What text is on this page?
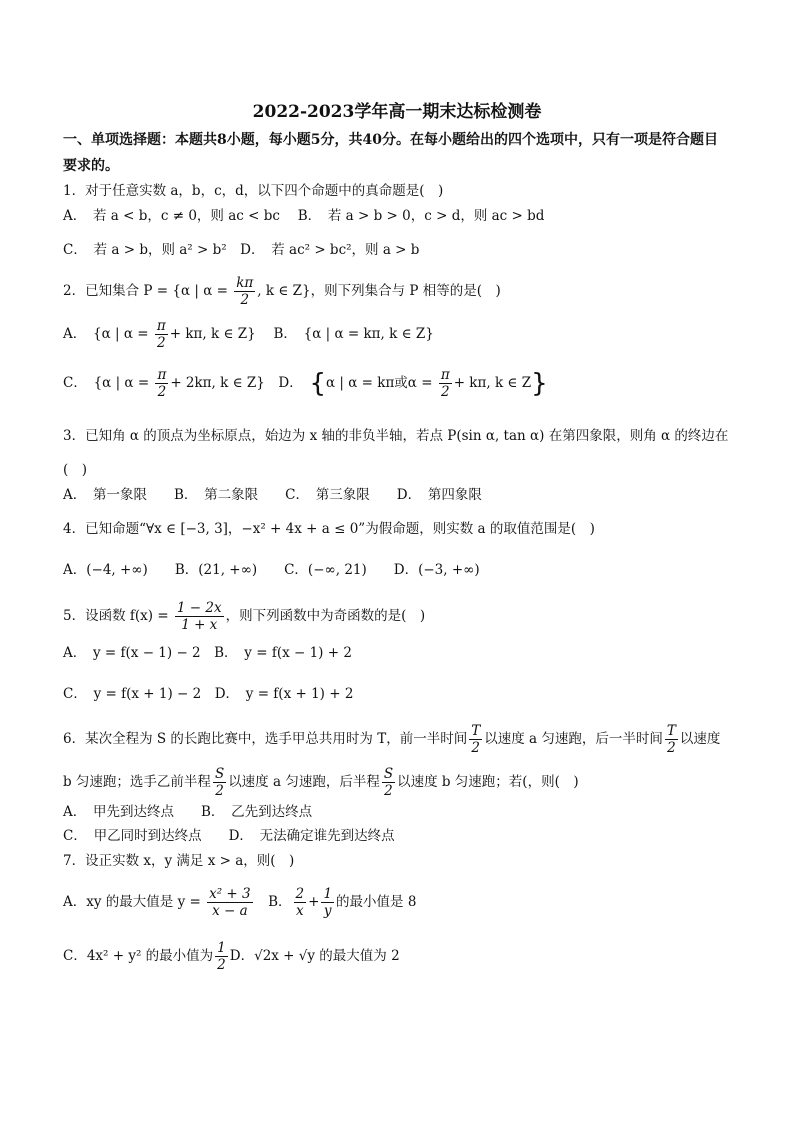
2022-2023学年高一期末达标检测卷
一、单项选择题：本题共8小题，每小题5分，共40分。在每小题给出的四个选项中，只有一项是符合题目
要求的。
1．对于任意实数 a，b，c，d，以下四个命题中的真命题是(　)
A．　若 a < b，c ≠ 0，则 ac < bc　 B．　若 a > b > 0，c > d，则 ac > bd
C．　若 a > b，则 a² > b²　D．　若 ac² > bc²，则 a > b
2．已知集合 P = {α | $\alpha = \frac{k\pi}{2}$ , k ∈ Z}，则下列集合与 P 相等的是(　)
A．　{α | $\alpha = \frac{\pi}{2} + k\pi$, k ∈ Z}　 B．　{α | α = kπ, k ∈ Z}
C．　{α | $\alpha = \frac{\pi}{2} + 2k\pi$, k ∈ Z}　D．　{α | α = kπ或$\alpha = \frac{\pi}{2} + k\pi$, k ∈ Z}
3．已知角 α 的顶点为坐标原点，始边为 x 轴的非负半轴，若点 P(sin α, tan α) 在第四象限，则角 α 的终边在
(　)
A．　第一象限　　B．　第二象限　　C．　第三象限　　D．　第四象限
4．已知命题“∀x ∈ [−3, 3]，−x² + 4x + a ≤ 0”为假命题，则实数 a 的取值范围是(　)
A．(−4, +∞)　　B．(21, +∞)　　C．(−∞, 21)　　D．(−3, +∞)
5．设函数 $f(x) = \frac{1 - 2x}{1 + x}$ ，则下列函数中为奇函数的是(　)
A．　y = f(x − 1) − 2　B．　y = f(x − 1) + 2
C．　y = f(x + 1) − 2　D．　y = f(x + 1) + 2
6．某次全程为 S 的长跑比赛中，选手甲总共用时为 T，前一半时间 $\frac{T}{2}$ 以速度 a 匀速跑，后一半时间 $\frac{T}{2}$ 以速度
b 匀速跑；选手乙前半程 $\frac{S}{2}$ 以速度 a 匀速跑，后半程 $\frac{S}{2}$ 以速度 b 匀速跑；若(，则(　)
A．　甲先到达终点　　B．　乙先到达终点
C．　甲乙同时到达终点　　D．　无法确定谁先到达终点
7．设正实数 x，y 满足 x > a，则(　)
A．xy 的最大值是 $y = \frac{\text{x² + 3}}{x - a}$ 　B． $\frac{2}{x} + \frac{1}{y}$ 的最小值是 8
C．4x² + y² 的最小值为 $\frac{1}{2}$ D．√2x + √y 的最大值为 2
